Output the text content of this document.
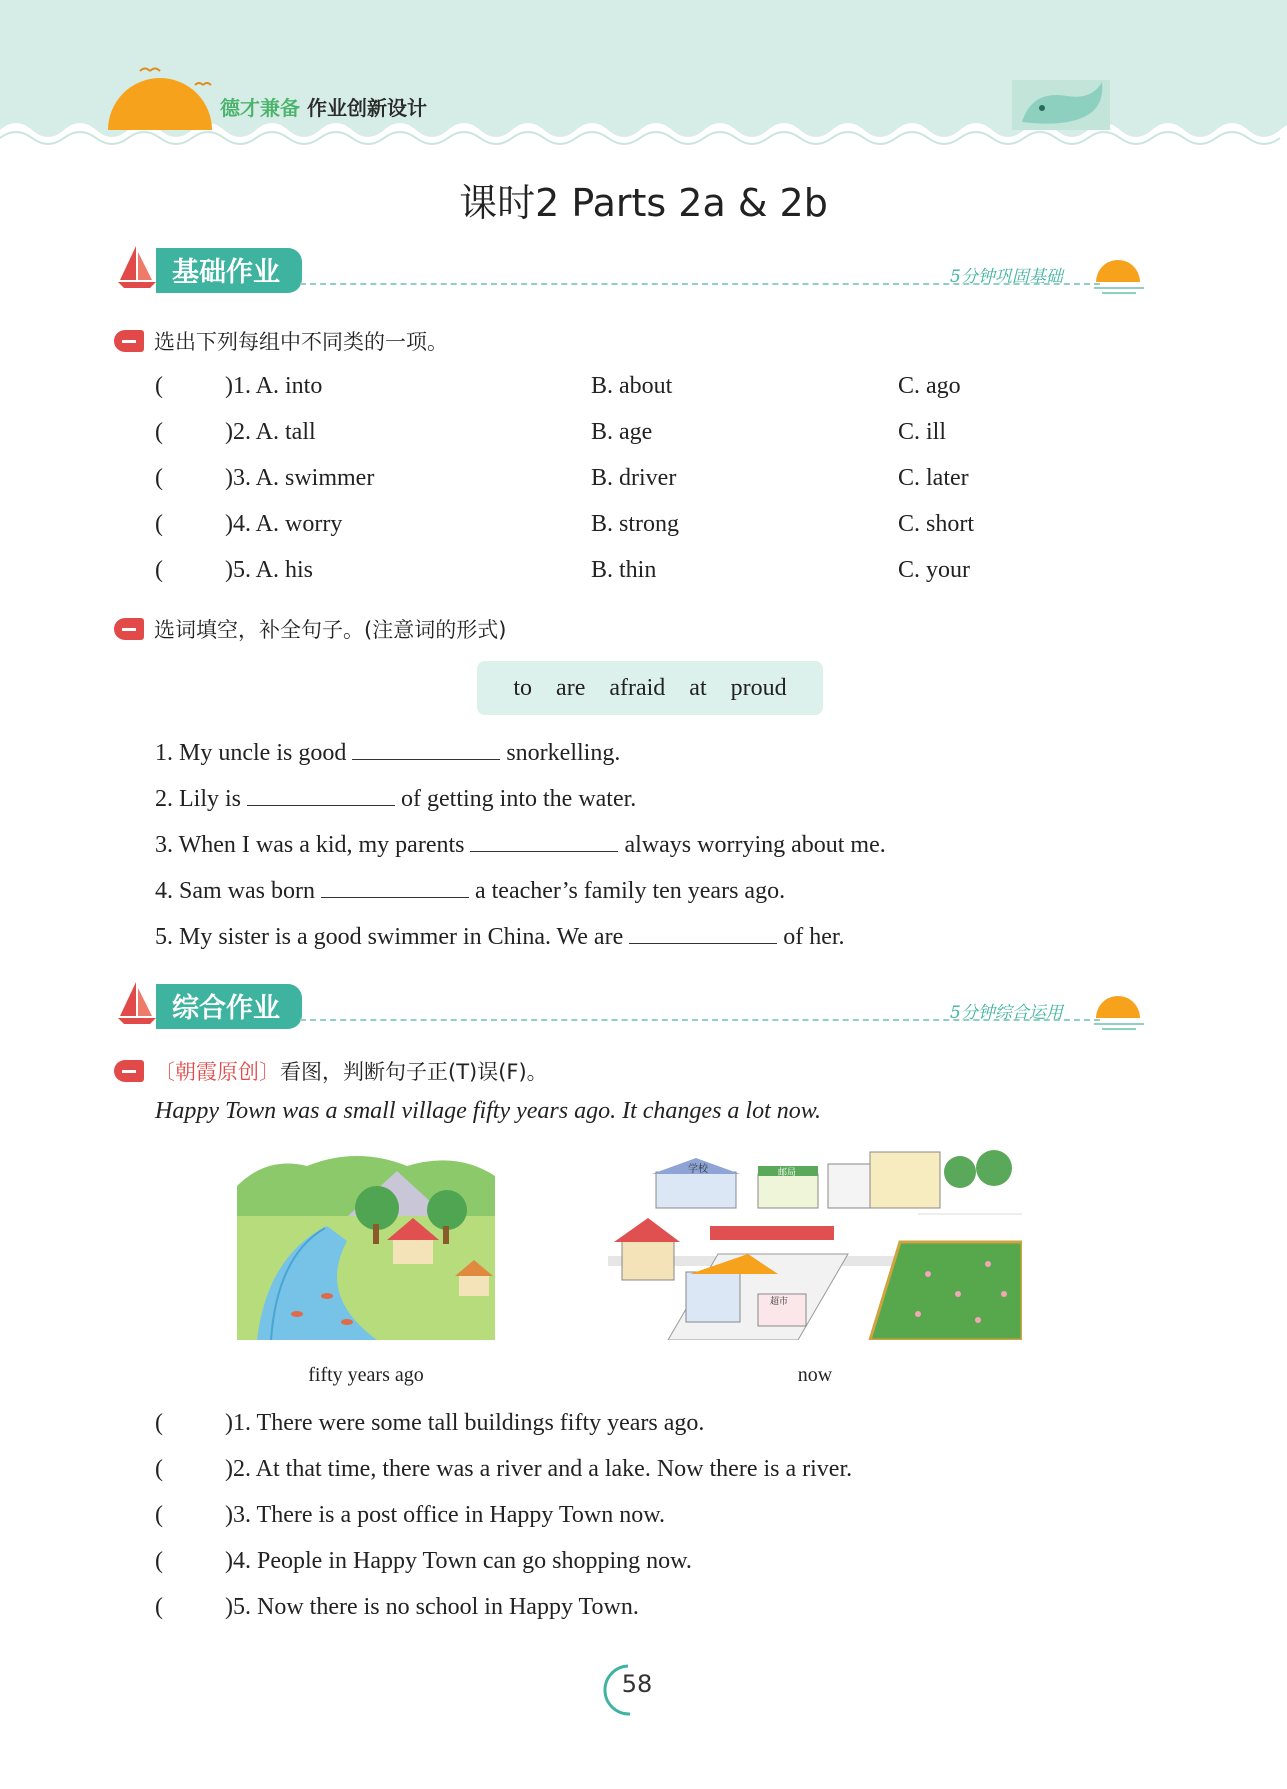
德才兼备 作业创新设计
课时2 Parts 2a & 2b
基础作业	5分钟巩固基础
选出下列每组中不同类的一项。
(	)1. A. into	B. about	C. ago
(	)2. A. tall	B. age	C. ill
(	)3. A. swimmer	B. driver	C. later
(	)4. A. worry	B. strong	C. short
(	)5. A. his	B. thin	C. your
选词填空，补全句子。(注意词的形式)
to are afraid at proud
1. My uncle is good	snorkelling.
2. Lily is	of getting into the water.
3. When I was a kid, my parents	always worrying about me.
4. Sam was born	a teacher’s family ten years ago.
5. My sister is a good swimmer in China. We are	of her.
综合作业	5分钟综合运用
〔朝霞原创〕看图，判断句子正(T)误(F)。
Happy Town was a small village fifty years ago. It changes a lot now.
fifty years ago
学校	邮局
超市
now
(	)1. There were some tall buildings fifty years ago.
(	)2. At that time, there was a river and a lake. Now there is a river.
(	)3. There is a post office in Happy Town now.
(	)4. People in Happy Town can go shopping now.
(	)5. Now there is no school in Happy Town.
58
